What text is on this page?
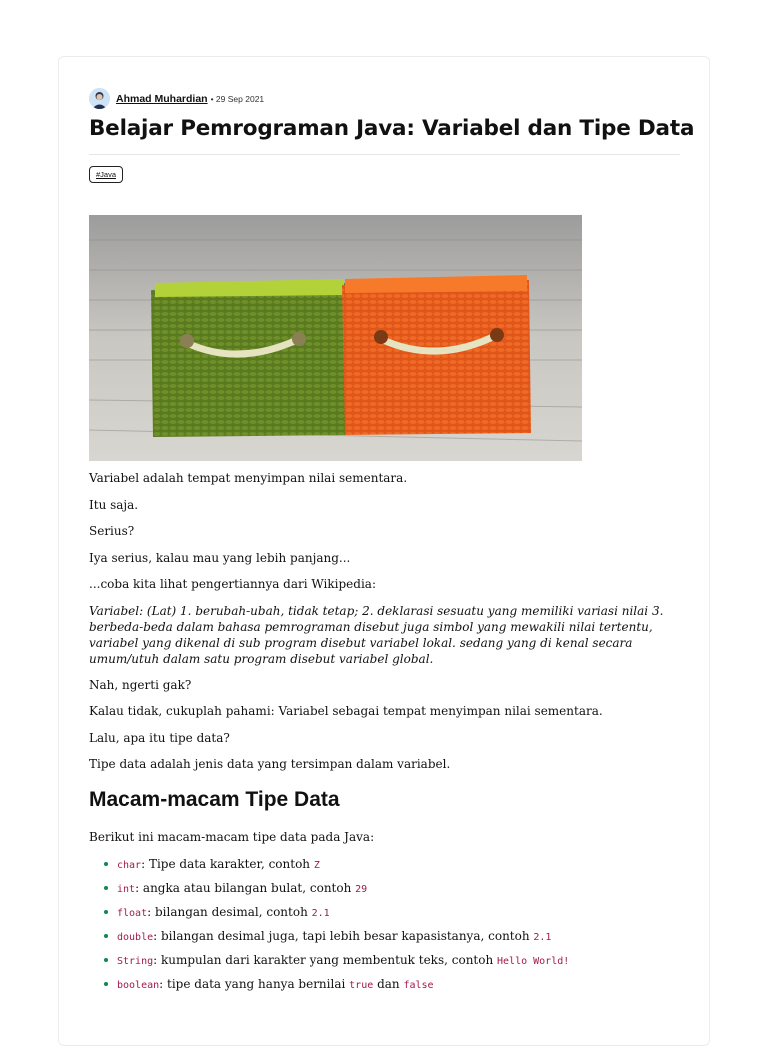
Ahmad Muhardian • 29 Sep 2021
Belajar Pemrograman Java: Variabel dan Tipe Data
#Java

Variabel adalah tempat menyimpan nilai sementara.

Itu saja.

Serius?

Iya serius, kalau mau yang lebih panjang...

...coba kita lihat pengertiannya dari Wikipedia:

Variabel: (Lat) 1. berubah-ubah, tidak tetap; 2. deklarasi sesuatu yang memiliki variasi nilai 3. berbeda-beda dalam bahasa pemrograman disebut juga simbol yang mewakili nilai tertentu, variabel yang dikenal di sub program disebut variabel lokal. sedang yang di kenal secara umum/utuh dalam satu program disebut variabel global.

Nah, ngerti gak?

Kalau tidak, cukuplah pahami: Variabel sebagai tempat menyimpan nilai sementara.

Lalu, apa itu tipe data?

Tipe data adalah jenis data yang tersimpan dalam variabel.

Macam-macam Tipe Data

Berikut ini macam-macam tipe data pada Java:

char: Tipe data karakter, contoh Z
int: angka atau bilangan bulat, contoh 29
float: bilangan desimal, contoh 2.1
double: bilangan desimal juga, tapi lebih besar kapasistanya, contoh 2.1
String: kumpulan dari karakter yang membentuk teks, contoh Hello World!
boolean: tipe data yang hanya bernilai true dan false
